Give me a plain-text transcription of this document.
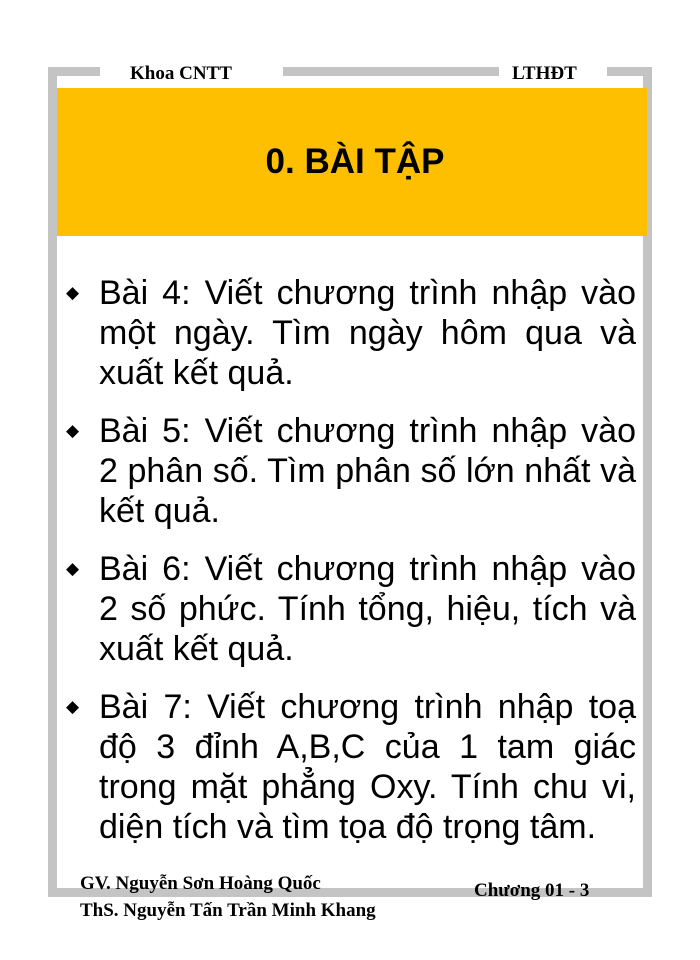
Khoa CNTT	LTHĐT
0. BÀI TẬP
◆ Bài 4: Viết chương trình nhập vào một ngày. Tìm ngày hôm qua và xuất kết quả.
◆ Bài 5: Viết chương trình nhập vào 2 phân số. Tìm phân số lớn nhất và kết quả.
◆ Bài 6: Viết chương trình nhập vào 2 số phức. Tính tổng, hiệu, tích và xuất kết quả.
◆ Bài 7: Viết chương trình nhập toạ độ 3 đỉnh A,B,C của 1 tam giác trong mặt phẳng Oxy. Tính chu vi, diện tích và tìm tọa độ trọng tâm.
GV. Nguyễn Sơn Hoàng Quốc
ThS. Nguyễn Tấn Trần Minh Khang
Chương 01 - 3
